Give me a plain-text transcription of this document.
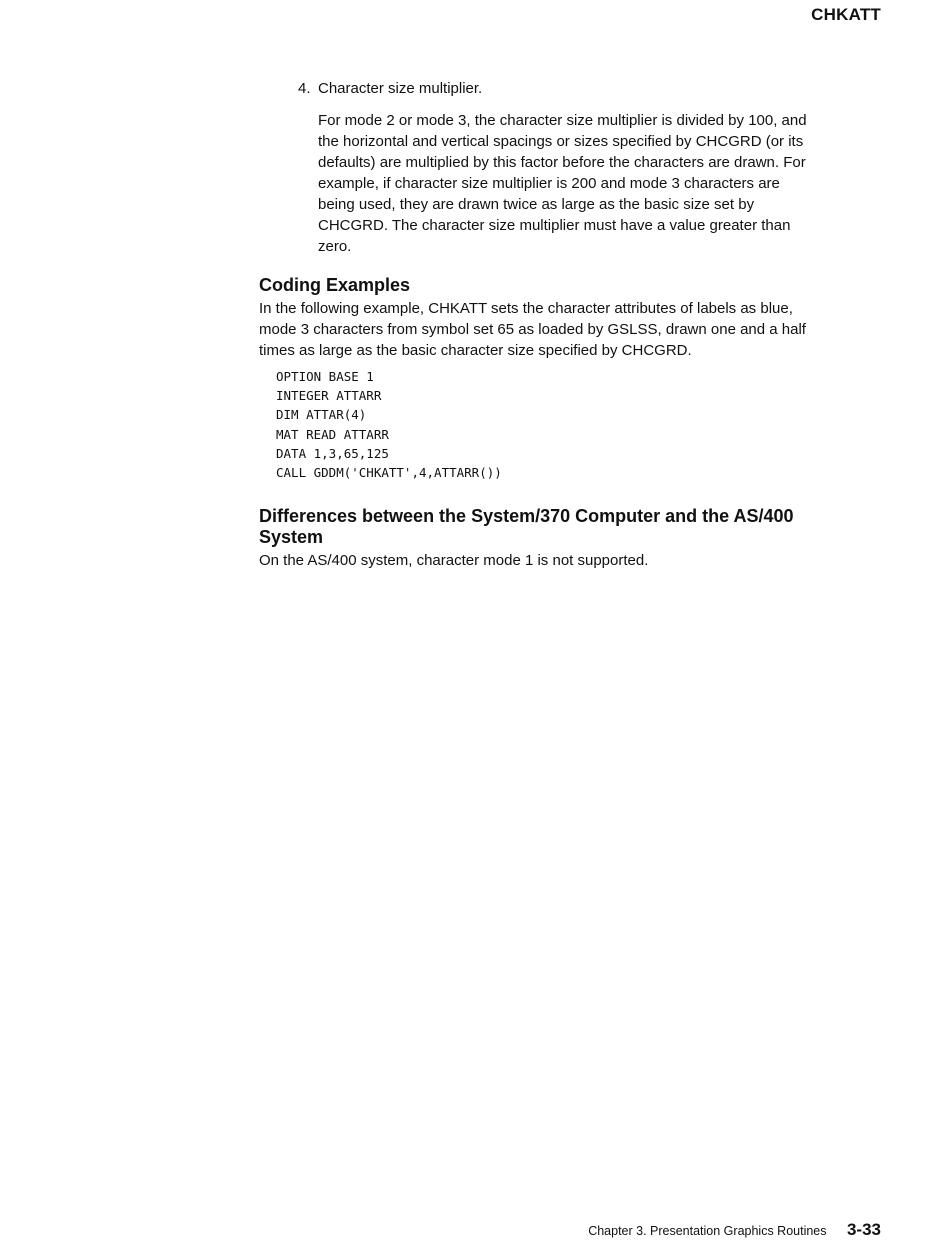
CHKATT
4. Character size multiplier.
For mode 2 or mode 3, the character size multiplier is divided by 100, and
the horizontal and vertical spacings or sizes specified by CHCGRD (or its
defaults) are multiplied by this factor before the characters are drawn. For
example, if character size multiplier is 200 and mode 3 characters are
being used, they are drawn twice as large as the basic size set by
CHCGRD. The character size multiplier must have a value greater than
zero.
Coding Examples
In the following example, CHKATT sets the character attributes of labels as blue,
mode 3 characters from symbol set 65 as loaded by GSLSS, drawn one and a half
times as large as the basic character size specified by CHCGRD.
OPTION BASE 1
INTEGER ATTARR
DIM ATTAR(4)
MAT READ ATTARR
DATA 1,3,65,125
CALL GDDM('CHKATT',4,ATTARR())
Differences between the System/370 Computer and the AS/400
System
On the AS/400 system, character mode 1 is not supported.
Chapter 3. Presentation Graphics Routines 3-33
